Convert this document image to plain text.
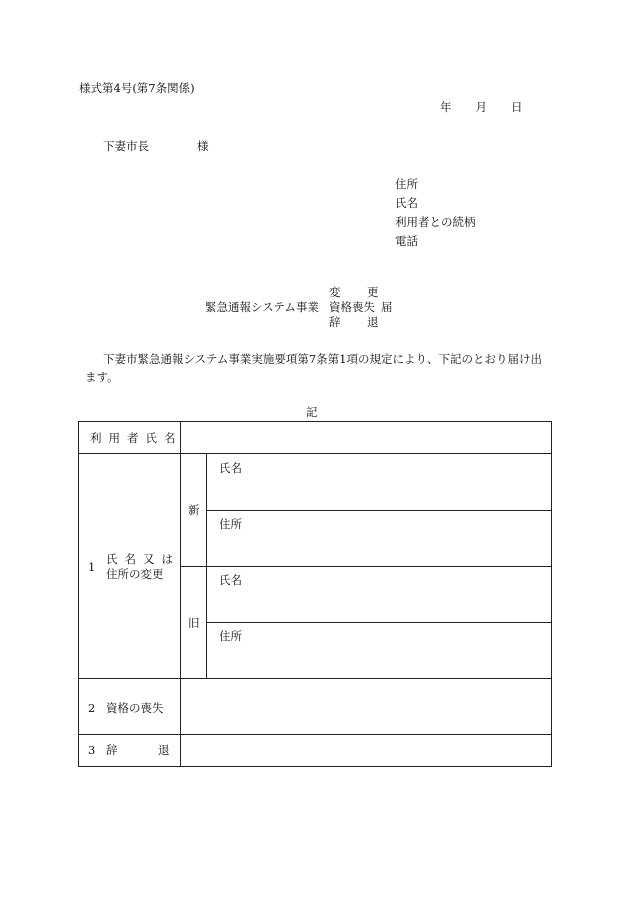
様式第4号(第7条関係)
年 月 日
下妻市長	様
住所
氏名
利用者との続柄
電話
変 更
緊急通報システム事業 資格 喪失 届
辞 退
下妻市緊急通報システム事業実施要項第7条第1項の規定により、下記のとおり届け出
ます。
記
利用者氏名
1
氏名又は
住所の変更
新
旧
氏名
住所
氏名
住所
2 資格の喪失
3 辞	退
